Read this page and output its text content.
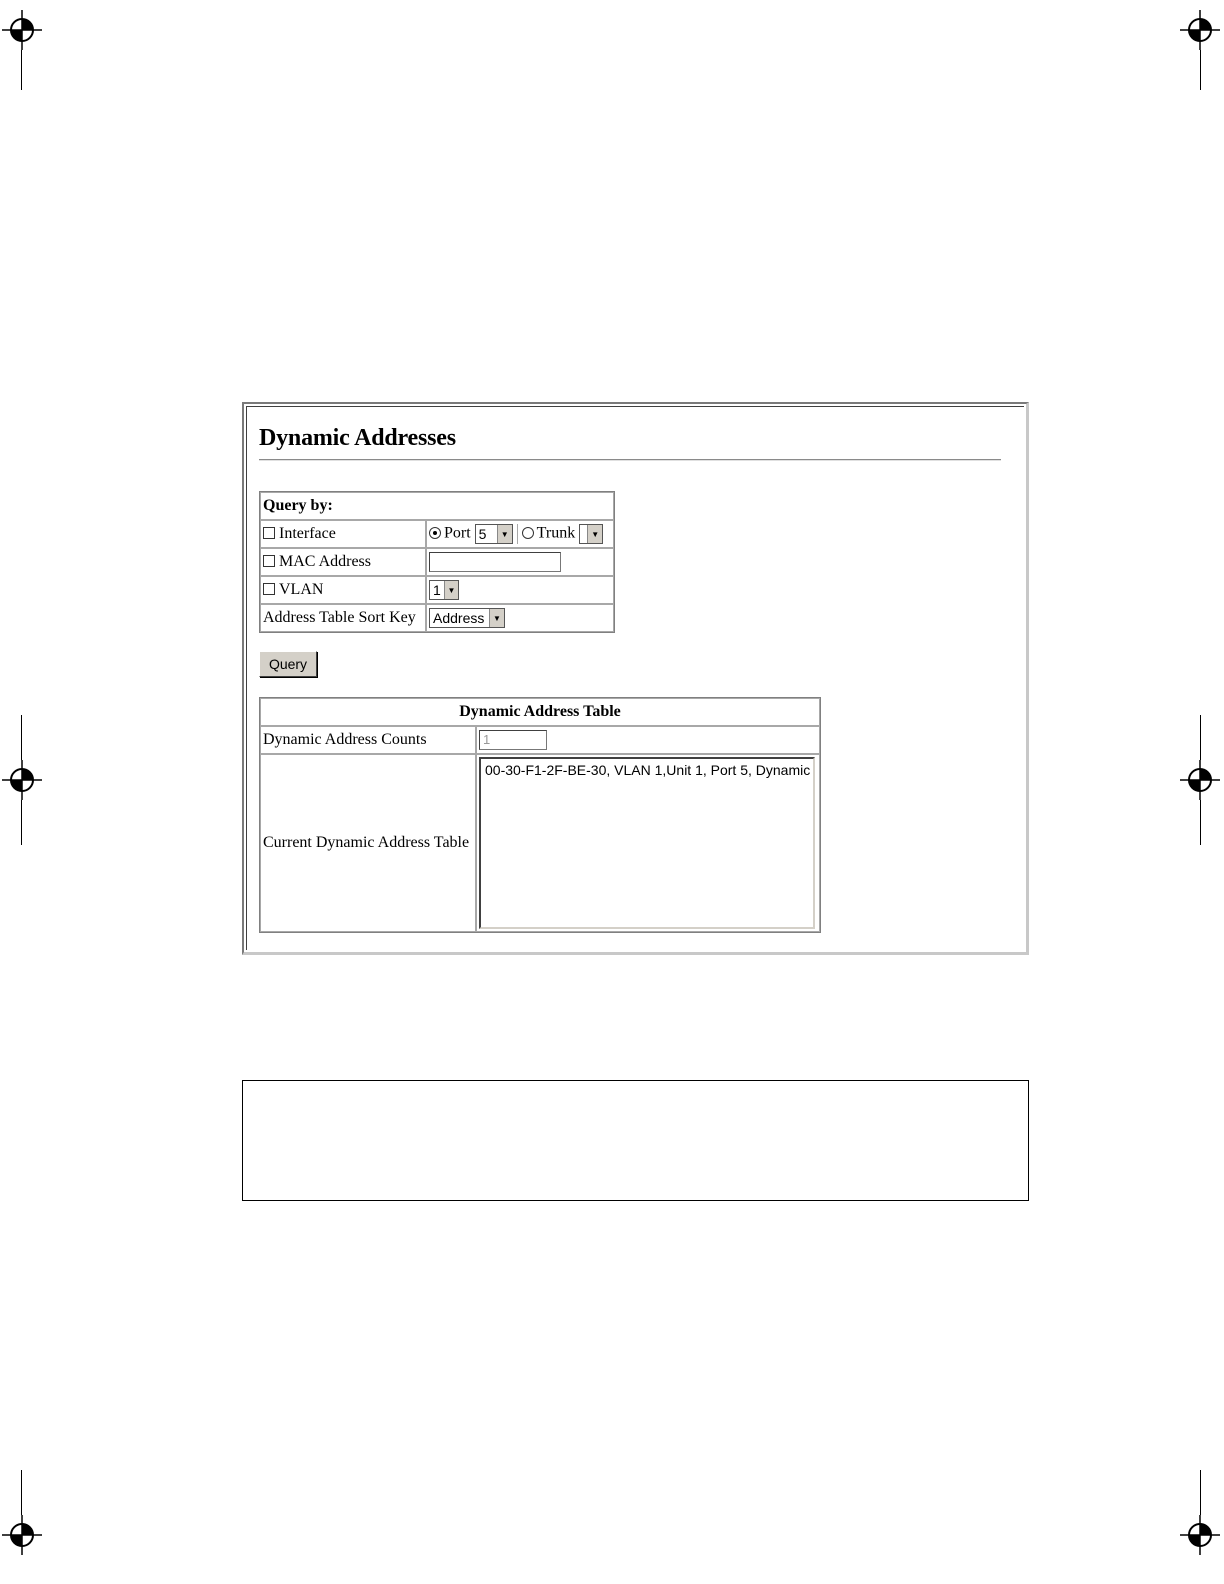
Dynamic Addresses
Query by:	
Interface	Port 5 ▼ Trunk ▼

MAC Address	
VLAN	1 ▼

Address Table Sort Key	Address ▼
Query
Dynamic Address Table	
Dynamic Address Counts	1
Current Dynamic Address Table	00-30-F1-2F-BE-30, VLAN 1,Unit 1, Port 5, Dynamic
